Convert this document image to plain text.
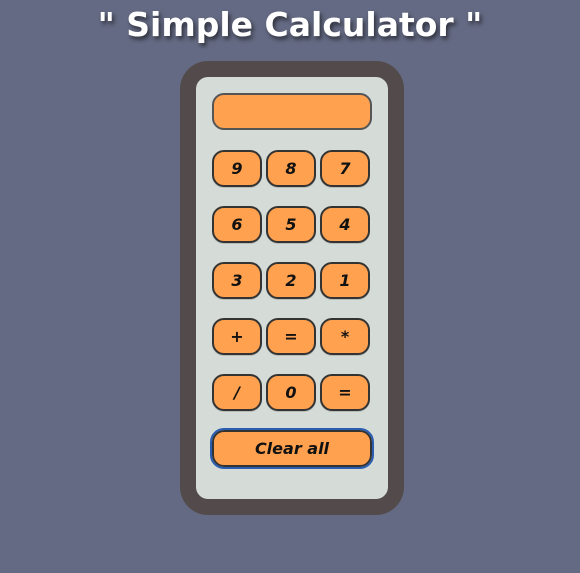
" Simple Calculator "
9	8	7
6	5	4
3	2	1
+	=	*
/	0	=
Clear all
